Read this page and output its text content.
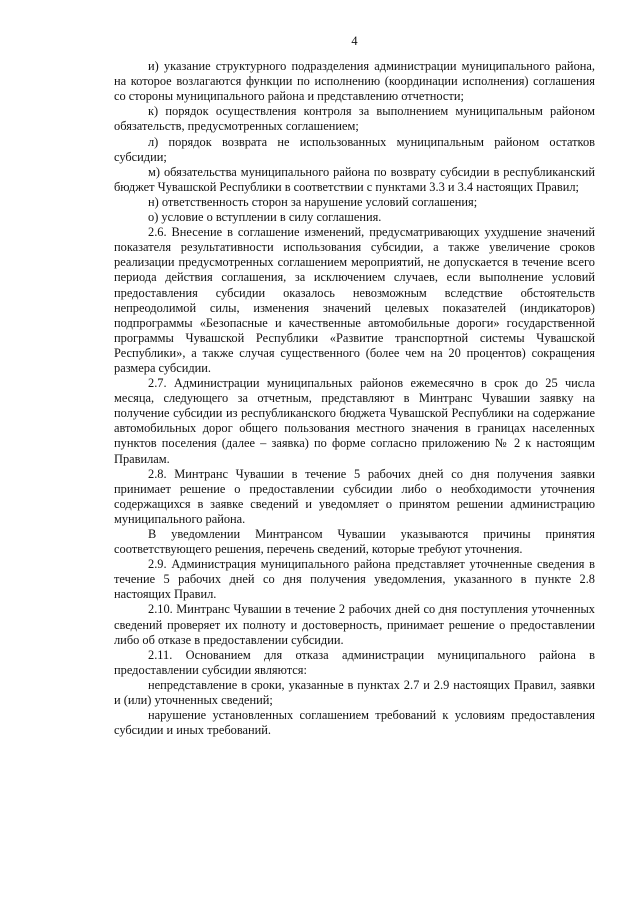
4

и) указание структурного подразделения администрации муниципального района, на которое возлагаются функции по исполнению (координации исполнения) соглашения со стороны муниципального района и представлению отчетности;

к) порядок осуществления контроля за выполнением муниципальным районом обязательств, предусмотренных соглашением;

л) порядок возврата не использованных муниципальным районом остатков субсидии;

м) обязательства муниципального района по возврату субсидии в республиканский бюджет Чувашской Республики в соответствии с пунктами 3.3 и 3.4 настоящих Правил;

н) ответственность сторон за нарушение условий соглашения;

о) условие о вступлении в силу соглашения.

2.6. Внесение в соглашение изменений, предусматривающих ухудшение значений показателя результативности использования субсидии, а также увеличение сроков реализации предусмотренных соглашением мероприятий, не допускается в течение всего периода действия соглашения, за исключением случаев, если выполнение условий предоставления субсидии оказалось невозможным вследствие обстоятельств непреодолимой силы, изменения значений целевых показателей (индикаторов) подпрограммы «Безопасные и качественные автомобильные дороги» государственной программы Чувашской Республики «Развитие транспортной системы Чувашской Республики», а также случая существенного (более чем на 20 процентов) сокращения размера субсидии.

2.7. Администрации муниципальных районов ежемесячно в срок до 25 числа месяца, следующего за отчетным, представляют в Минтранс Чувашии заявку на получение субсидии из республиканского бюджета Чувашской Республики на содержание автомобильных дорог общего пользования местного значения в границах населенных пунктов поселения (далее – заявка) по форме согласно приложению № 2 к настоящим Правилам.

2.8. Минтранс Чувашии в течение 5 рабочих дней со дня получения заявки принимает решение о предоставлении субсидии либо о необходимости уточнения содержащихся в заявке сведений и уведомляет о принятом решении администрацию муниципального района.

В уведомлении Минтрансом Чувашии указываются причины принятия соответствующего решения, перечень сведений, которые требуют уточнения.

2.9. Администрация муниципального района представляет уточненные сведения в течение 5 рабочих дней со дня получения уведомления, указанного в пункте 2.8 настоящих Правил.

2.10. Минтранс Чувашии в течение 2 рабочих дней со дня поступления уточненных сведений проверяет их полноту и достоверность, принимает решение о предоставлении либо об отказе в предоставлении субсидии.

2.11. Основанием для отказа администрации муниципального района в предоставлении субсидии являются:

непредставление в сроки, указанные в пунктах 2.7 и 2.9 настоящих Правил, заявки и (или) уточненных сведений;

нарушение установленных соглашением требований к условиям предоставления субсидии и иных требований.
